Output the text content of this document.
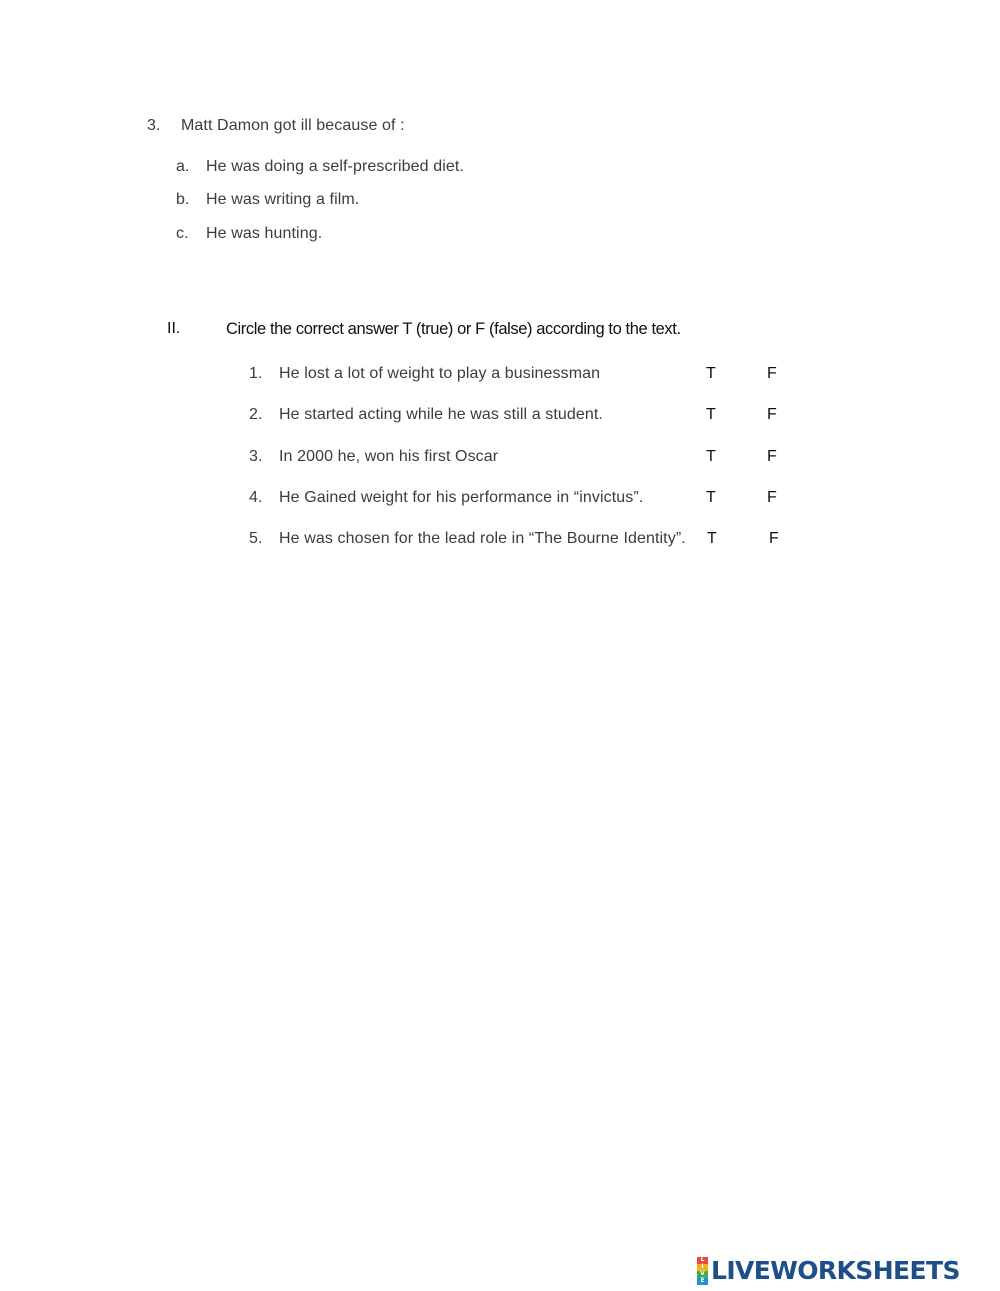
3. Matt Damon got ill because of :
a. He was doing a self-prescribed diet.
b. He was writing a film.
c. He was hunting.
II.	Circle the correct answer T (true) or F (false) according to the text.
1. He lost a lot of weight to play a businessman	T	F
2. He started acting while he was still a student.	T	F
3. In 2000 he, won his first Oscar	T	F
4. He Gained weight for his performance in “invictus”.	T	F
5. He was chosen for the lead role in “The Bourne Identity”. T	F
L
I
V
E LIVEWORKSHEETS
